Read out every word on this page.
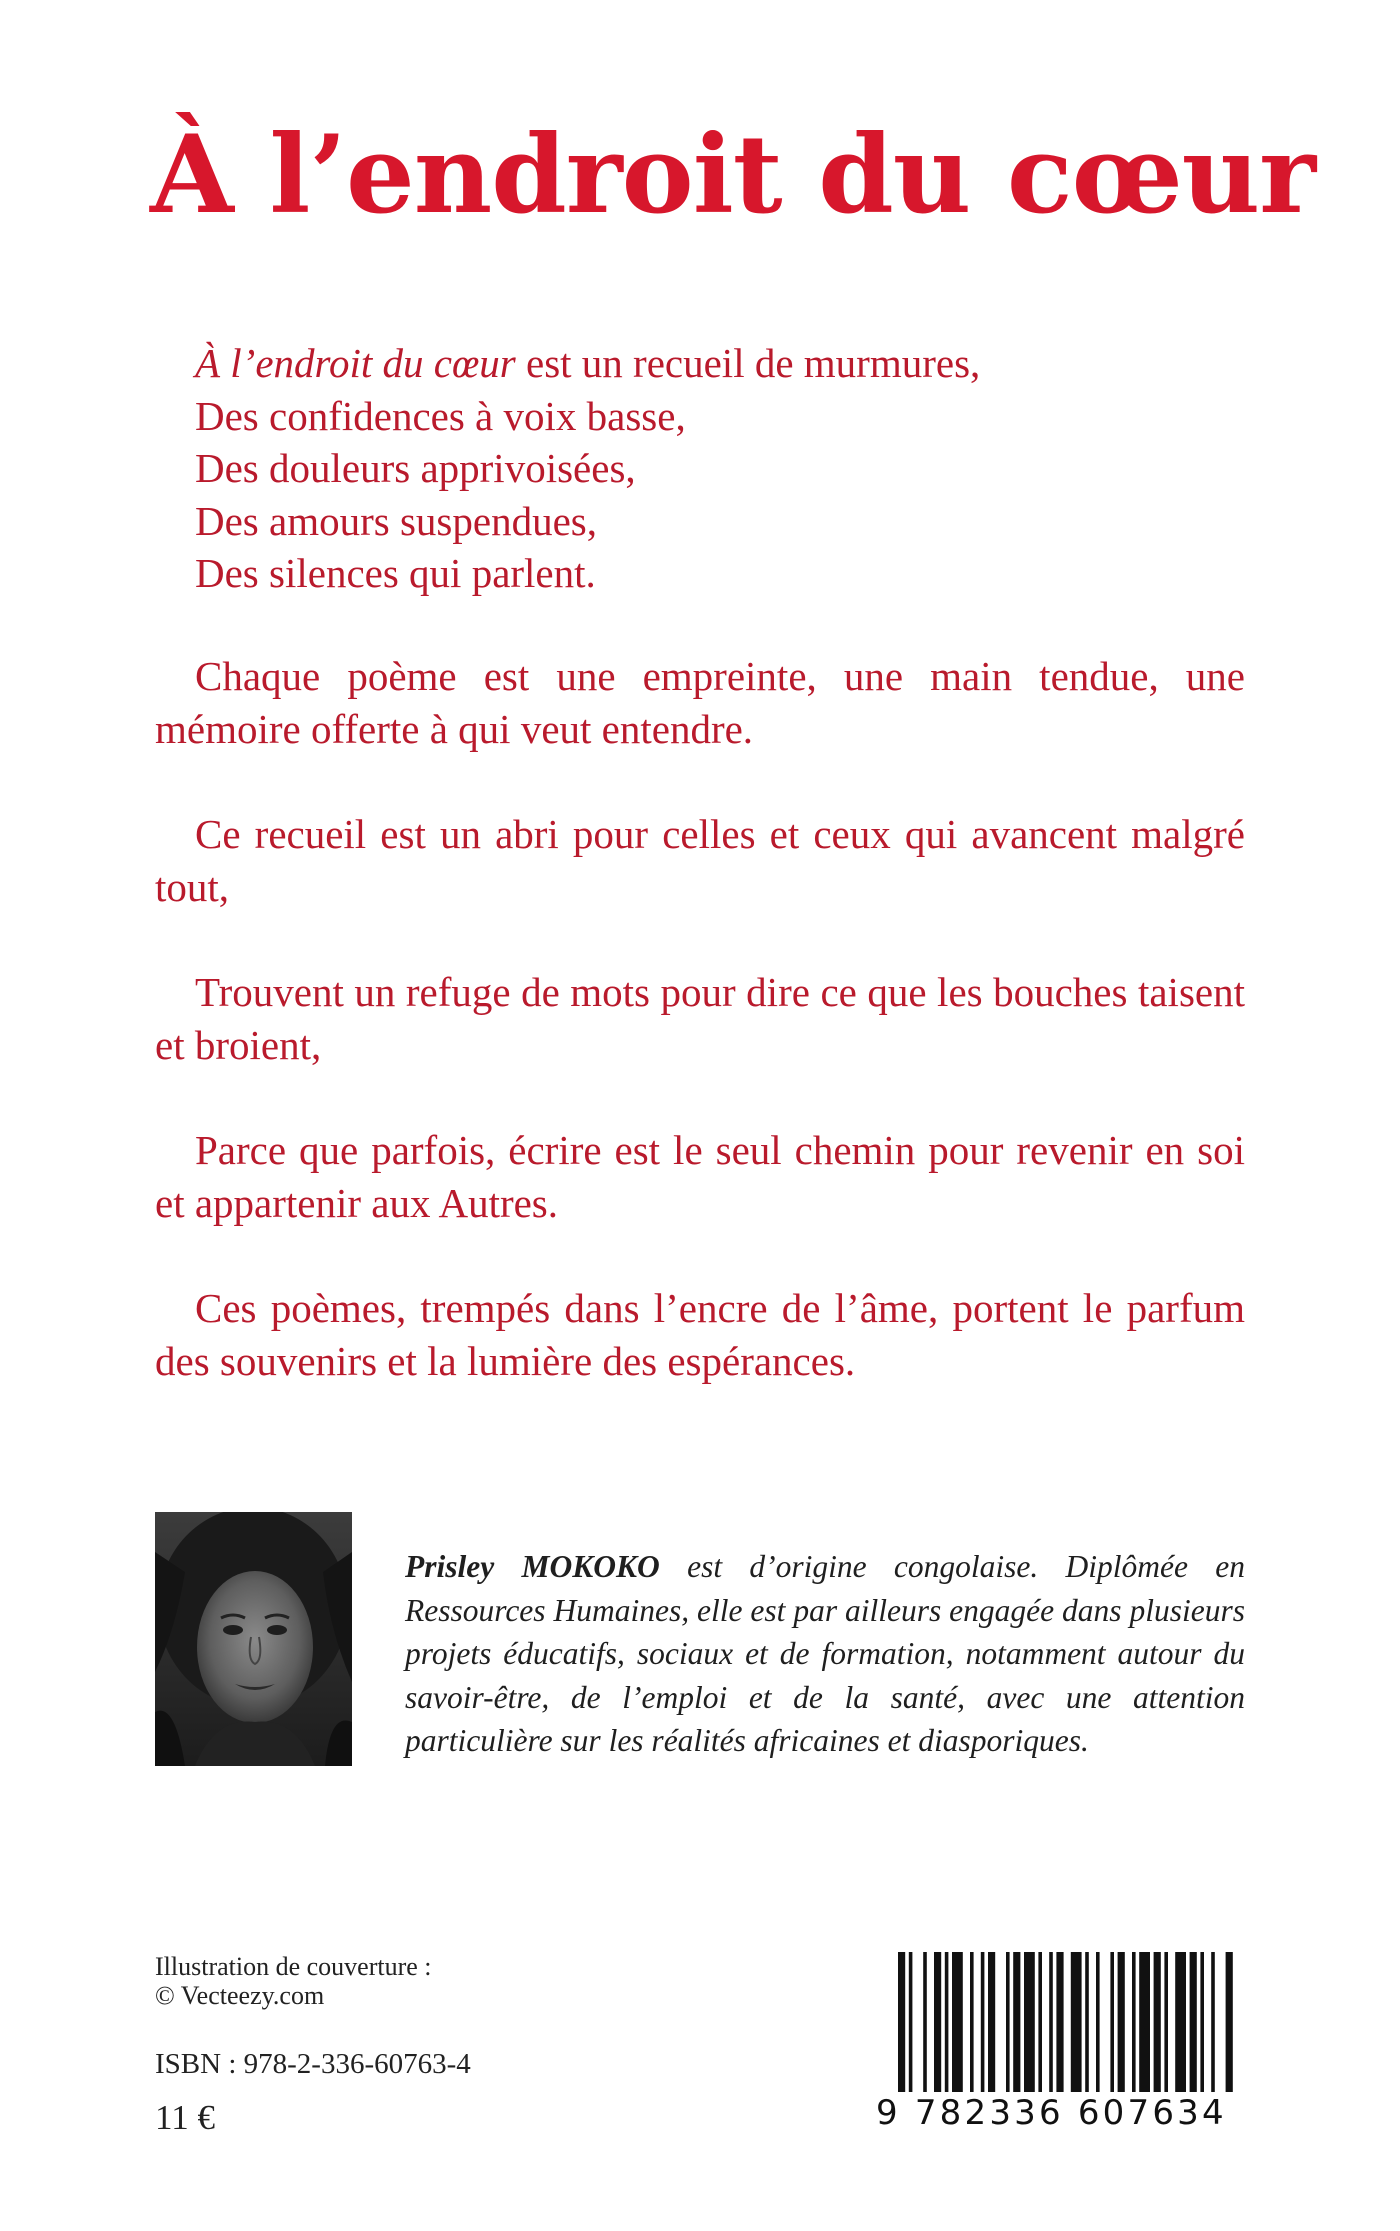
À l’endroit du cœur
À l’endroit du cœur est un recueil de murmures,
Des confidences à voix basse,
Des douleurs apprivoisées,
Des amours suspendues,
Des silences qui parlent.

Chaque poème est une empreinte, une main tendue, une mémoire offerte à qui veut entendre.

Ce recueil est un abri pour celles et ceux qui avancent malgré tout,

Trouvent un refuge de mots pour dire ce que les bouches taisent et broient,

Parce que parfois, écrire est le seul chemin pour revenir en soi et appartenir aux Autres.

Ces poèmes, trempés dans l’encre de l’âme, portent le parfum des souvenirs et la lumière des espérances.

Prisley MOKOKO est d’origine congolaise. Diplômée en Ressources Humaines, elle est par ailleurs engagée dans plusieurs projets éducatifs, sociaux et de formation, notamment autour du savoir-être, de l’emploi et de la santé, avec une attention particulière sur les réalités africaines et diasporiques.

Illustration de couverture :
© Vecteezy.com
ISBN : 978-2-336-60763-4
11 €	9 782336 607634
